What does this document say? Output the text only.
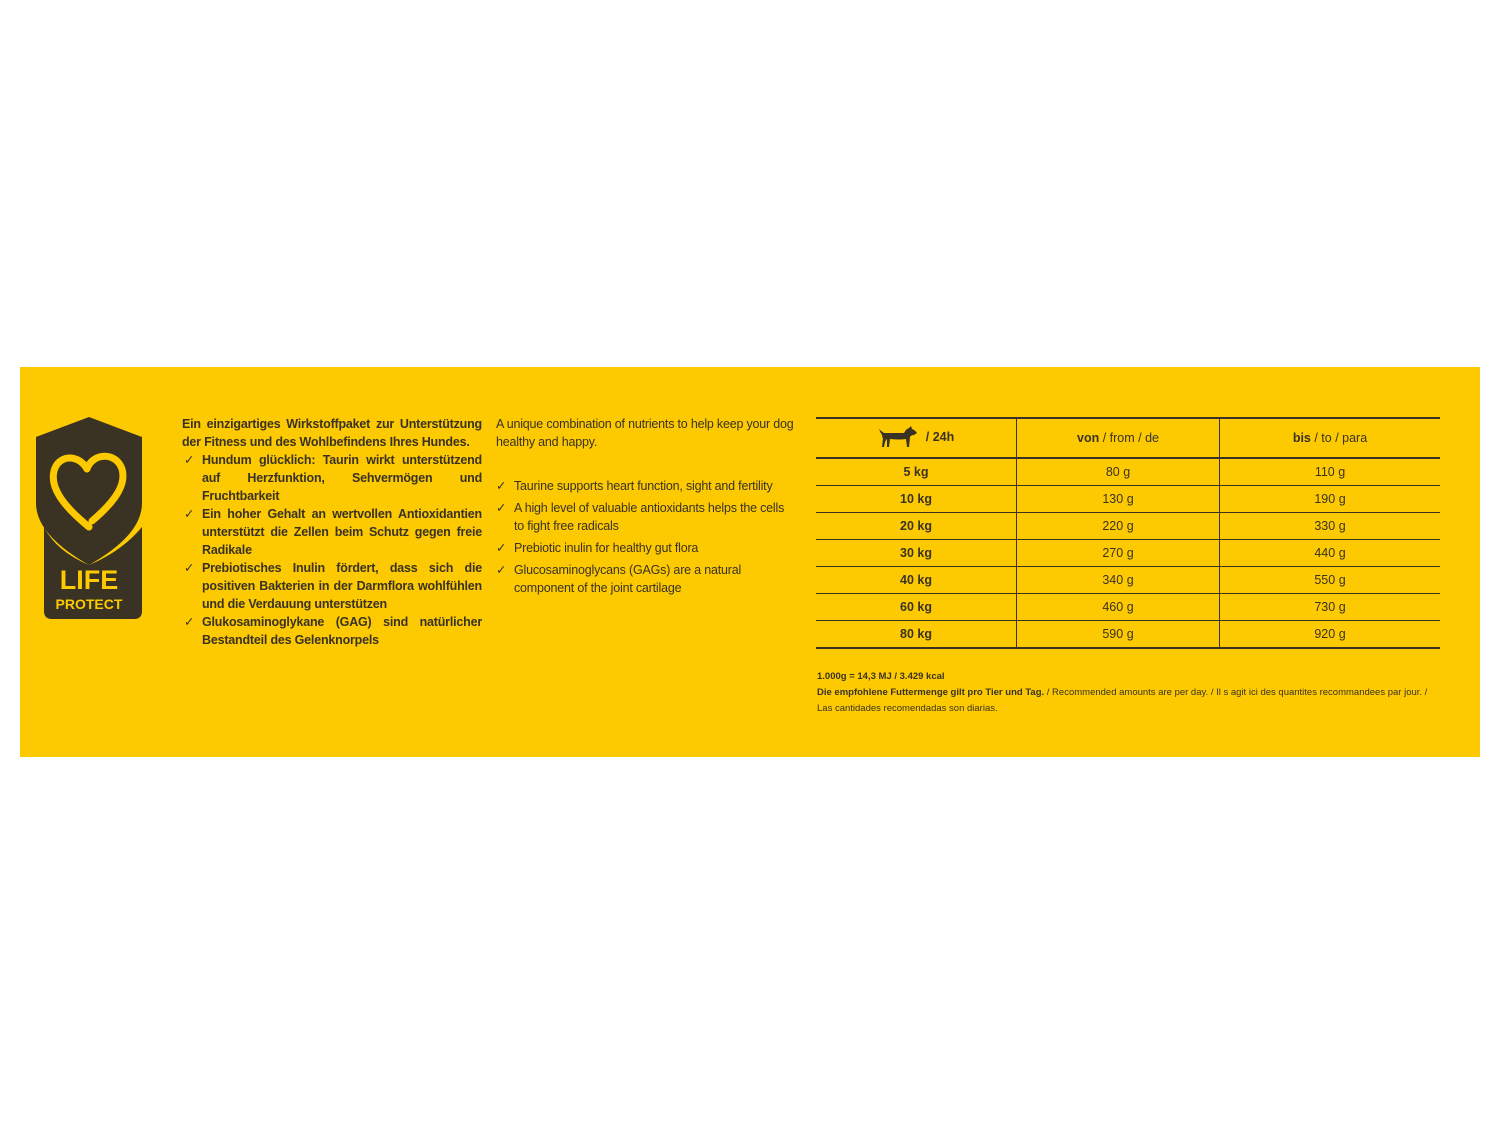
LIFE
PROTECT

Ein einzigartiges Wirkstoffpaket zur Unterstützung der Fitness und des Wohlbefindens Ihres Hundes.

✓ Hundum glücklich: Taurin wirkt unterstützend auf Herzfunktion, Sehvermögen und Fruchtbarkeit
✓ Ein hoher Gehalt an wertvollen Antioxidantien unterstützt die Zellen beim Schutz gegen freie Radikale
✓ Prebiotisches Inulin fördert, dass sich die positiven Bakterien in der Darmflora wohlfühlen und die Verdauung unterstützen
✓ Glukosaminoglykane (GAG) sind natürlicher Bestandteil des Gelenknorpels

A unique combination of nutrients to help keep your dog healthy and happy.

✓ Taurine supports heart function, sight and fertility
✓ A high level of valuable antioxidants helps the cells to fight free radicals
✓ Prebiotic inulin for healthy gut flora
✓ Glucosaminoglycans (GAGs) are a natural component of the joint cartilage
/ 24h	von / from / de	bis / to / para
5 kg	80 g	110 g
10 kg	130 g	190 g
20 kg	220 g	330 g
30 kg	270 g	440 g
40 kg	340 g	550 g
60 kg	460 g	730 g
80 kg	590 g	920 g

1.000g = 14,3 MJ / 3.429 kcal

Die empfohlene Futtermenge gilt pro Tier und Tag. / Recommended amounts are per day. / Il s agit ici des quantites recommandees par jour. / Las cantidades recomendadas son diarias.
